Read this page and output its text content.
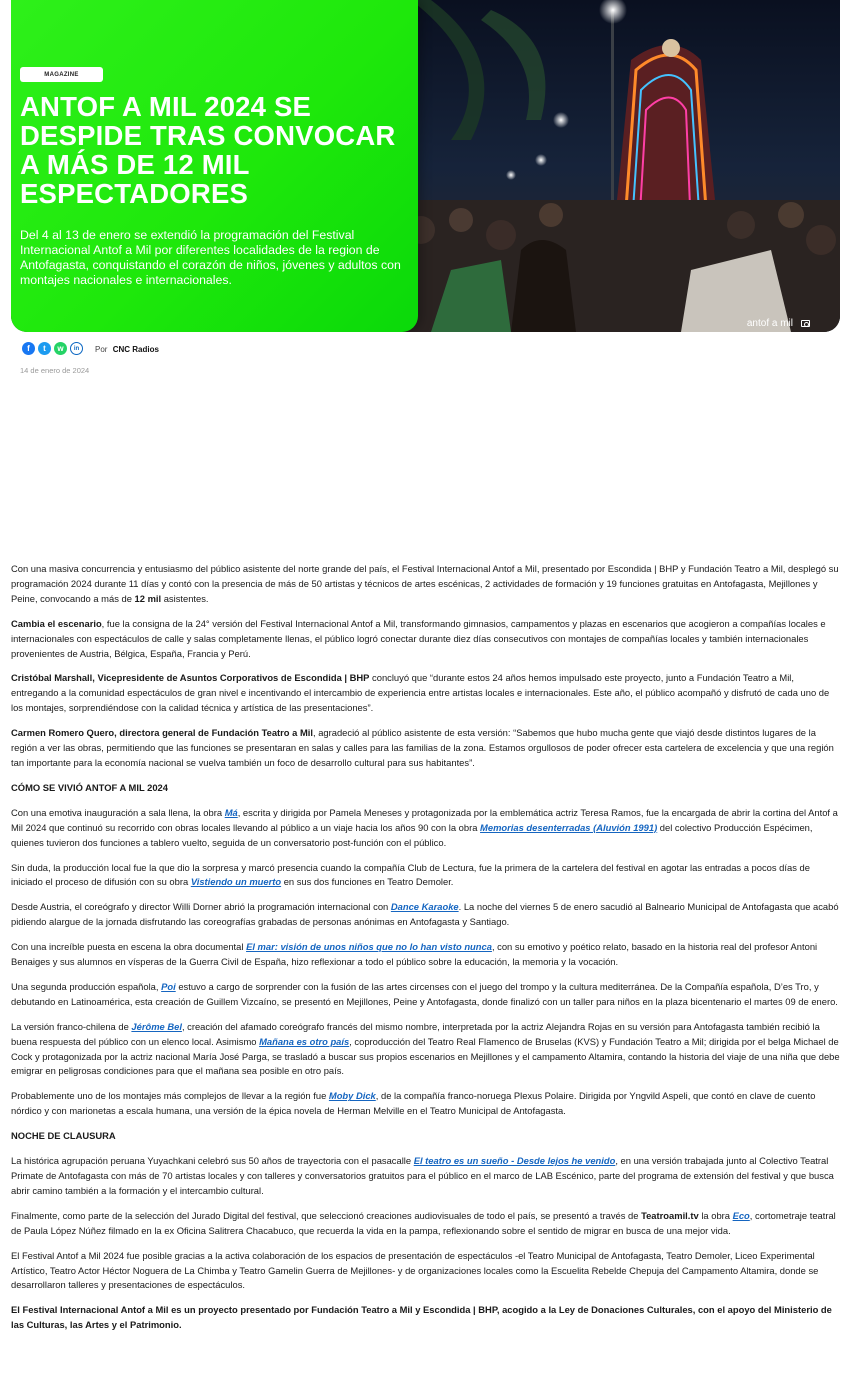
MAGAZINE
ANTOF A MIL 2024 SE DESPIDE TRAS CONVOCAR A MÁS DE 12 MIL ESPECTADORES

Del 4 al 13 de enero se extendió la programación del Festival Internacional Antof a Mil por diferentes localidades de la region de Antofagasta, conquistando el corazón de niños, jóvenes y adultos con montajes nacionales e internacionales.

antof a mil
f	t	w	in	Por CNC Radios
14 de enero de 2024

Con una masiva concurrencia y entusiasmo del público asistente del norte grande del país, el Festival Internacional Antof a Mil, presentado por Escondida | BHP y Fundación Teatro a Mil, desplegó su programación 2024 durante 11 días y contó con la presencia de más de 50 artistas y técnicos de artes escénicas, 2 actividades de formación y 19 funciones gratuitas en Antofagasta, Mejillones y Peine, convocando a más de 12 mil asistentes.

Cambia el escenario, fue la consigna de la 24° versión del Festival Internacional Antof a Mil, transformando gimnasios, campamentos y plazas en escenarios que acogieron a compañías locales e internacionales con espectáculos de calle y salas completamente llenas, el público logró conectar durante diez días consecutivos con montajes de compañías locales y también internacionales provenientes de Austria, Bélgica, España, Francia y Perú.

Cristóbal Marshall, Vicepresidente de Asuntos Corporativos de Escondida | BHP concluyó que “durante estos 24 años hemos impulsado este proyecto, junto a Fundación Teatro a Mil, entregando a la comunidad espectáculos de gran nivel e incentivando el intercambio de experiencia entre artistas locales e internacionales. Este año, el público acompañó y disfrutó de cada uno de los montajes, sorprendiéndose con la calidad técnica y artística de las presentaciones”.

Carmen Romero Quero, directora general de Fundación Teatro a Mil, agradeció al público asistente de esta versión: “Sabemos que hubo mucha gente que viajó desde distintos lugares de la región a ver las obras, permitiendo que las funciones se presentaran en salas y calles para las familias de la zona. Estamos orgullosos de poder ofrecer esta cartelera de excelencia y que una región tan importante para la economía nacional se vuelva también un foco de desarrollo cultural para sus habitantes”.

CÓMO SE VIVIÓ ANTOF A MIL 2024

Con una emotiva inauguración a sala llena, la obra Má, escrita y dirigida por Pamela Meneses y protagonizada por la emblemática actriz Teresa Ramos, fue la encargada de abrir la cortina del Antof a Mil 2024 que continuó su recorrido con obras locales llevando al público a un viaje hacia los años 90 con la obra Memorias desenterradas (Aluvión 1991) del colectivo Producción Espécimen, quienes tuvieron dos funciones a tablero vuelto, seguida de un conversatorio post-función con el público.

Sin duda, la producción local fue la que dio la sorpresa y marcó presencia cuando la compañía Club de Lectura, fue la primera de la cartelera del festival en agotar las entradas a pocos días de iniciado el proceso de difusión con su obra Vistiendo un muerto en sus dos funciones en Teatro Demoler.

Desde Austria, el coreógrafo y director Willi Dorner abrió la programación internacional con Dance Karaoke. La noche del viernes 5 de enero sacudió al Balneario Municipal de Antofagasta que acabó pidiendo alargue de la jornada disfrutando las coreografías grabadas de personas anónimas en Antofagasta y Santiago.

Con una increíble puesta en escena la obra documental El mar: visión de unos niños que no lo han visto nunca, con su emotivo y poético relato, basado en la historia real del profesor Antoni Benaiges y sus alumnos en vísperas de la Guerra Civil de España, hizo reflexionar a todo el público sobre la educación, la memoria y la vocación.

Una segunda producción española, Poi estuvo a cargo de sorprender con la fusión de las artes circenses con el juego del trompo y la cultura mediterránea. De la Compañía española, D’es Tro, y debutando en Latinoamérica, esta creación de Guillem Vizcaíno, se presentó en Mejillones, Peine y Antofagasta, donde finalizó con un taller para niños en la plaza bicentenario el martes 09 de enero.

La versión franco-chilena de Jérôme Bel, creación del afamado coreógrafo francés del mismo nombre, interpretada por la actriz Alejandra Rojas en su versión para Antofagasta también recibió la buena respuesta del público con un elenco local. Asimismo Mañana es otro país, coproducción del Teatro Real Flamenco de Bruselas (KVS) y Fundación Teatro a Mil; dirigida por el belga Michael de Cock y protagonizada por la actriz nacional María José Parga, se trasladó a buscar sus propios escenarios en Mejillones y el campamento Altamira, contando la historia del viaje de una niña que debe emigrar en peligrosas condiciones para que el mañana sea posible en otro país.

Probablemente uno de los montajes más complejos de llevar a la región fue Moby Dick, de la compañía franco-noruega Plexus Polaire. Dirigida por Yngvild Aspeli, que contó en clave de cuento nórdico y con marionetas a escala humana, una versión de la épica novela de Herman Melville en el Teatro Municipal de Antofagasta.

NOCHE DE CLAUSURA

La histórica agrupación peruana Yuyachkani celebró sus 50 años de trayectoria con el pasacalle El teatro es un sueño - Desde lejos he venido, en una versión trabajada junto al Colectivo Teatral Primate de Antofagasta con más de 70 artistas locales y con talleres y conversatorios gratuitos para el público en el marco de LAB Escénico, parte del programa de extensión del festival y que busca abrir camino también a la formación y el intercambio cultural.

Finalmente, como parte de la selección del Jurado Digital del festival, que seleccionó creaciones audiovisuales de todo el país, se presentó a través de Teatroamil.tv la obra Eco, cortometraje teatral de Paula López Núñez filmado en la ex Oficina Salitrera Chacabuco, que recuerda la vida en la pampa, reflexionando sobre el sentido de migrar en busca de una mejor vida.

El Festival Antof a Mil 2024 fue posible gracias a la activa colaboración de los espacios de presentación de espectáculos -el Teatro Municipal de Antofagasta, Teatro Demoler, Liceo Experimental Artístico, Teatro Actor Héctor Noguera de La Chimba y Teatro Gamelin Guerra de Mejillones- y de organizaciones locales como la Escuelita Rebelde Chepuja del Campamento Altamira, donde se desarrollaron talleres y presentaciones de espectáculos.

El Festival Internacional Antof a Mil es un proyecto presentado por Fundación Teatro a Mil y Escondida | BHP, acogido a la Ley de Donaciones Culturales, con el apoyo del Ministerio de las Culturas, las Artes y el Patrimonio.
